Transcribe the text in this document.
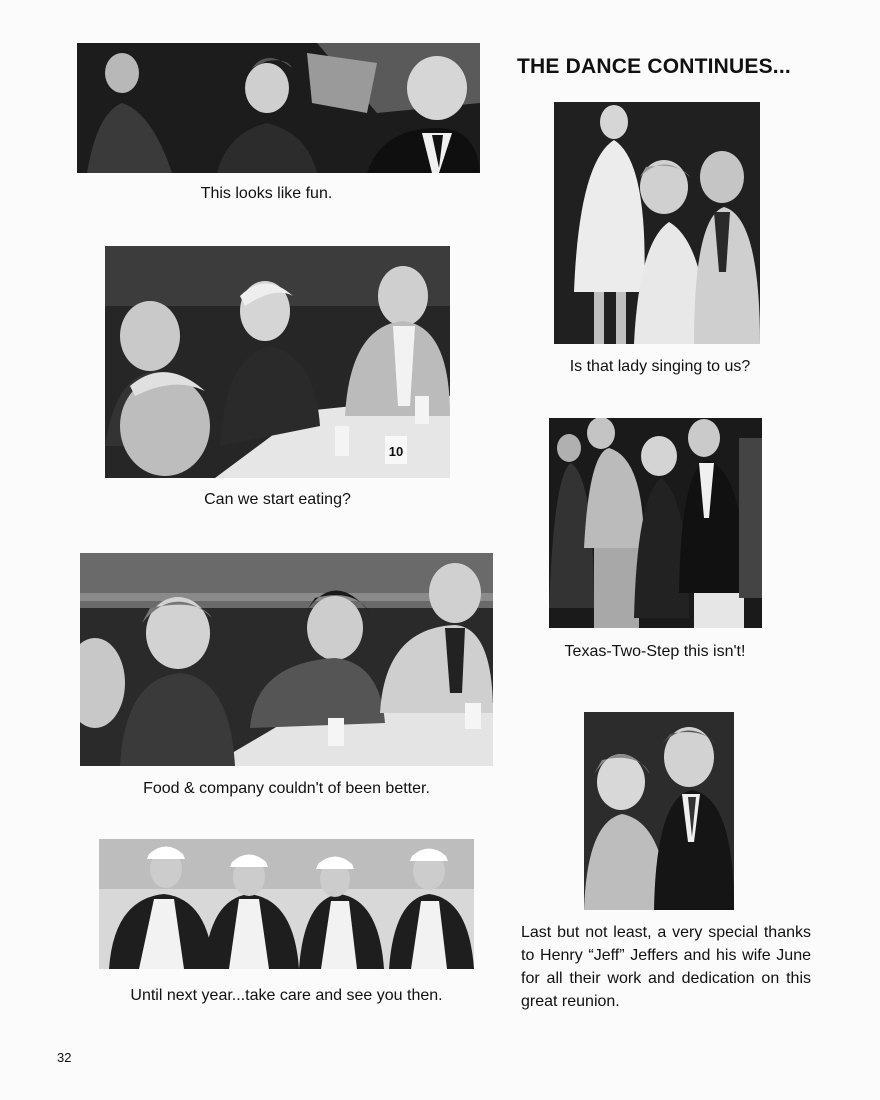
This looks like fun.
10
Can we start eating?
Food & company couldn't of been better.
Until next year...take care and see you then.
THE DANCE CONTINUES...
Is that lady singing to us?
Texas-Two-Step this isn't!
Last but not least, a very special thanks to Henry “Jeff” Jeffers and his wife June for all their work and dedication on this great reunion.
32
